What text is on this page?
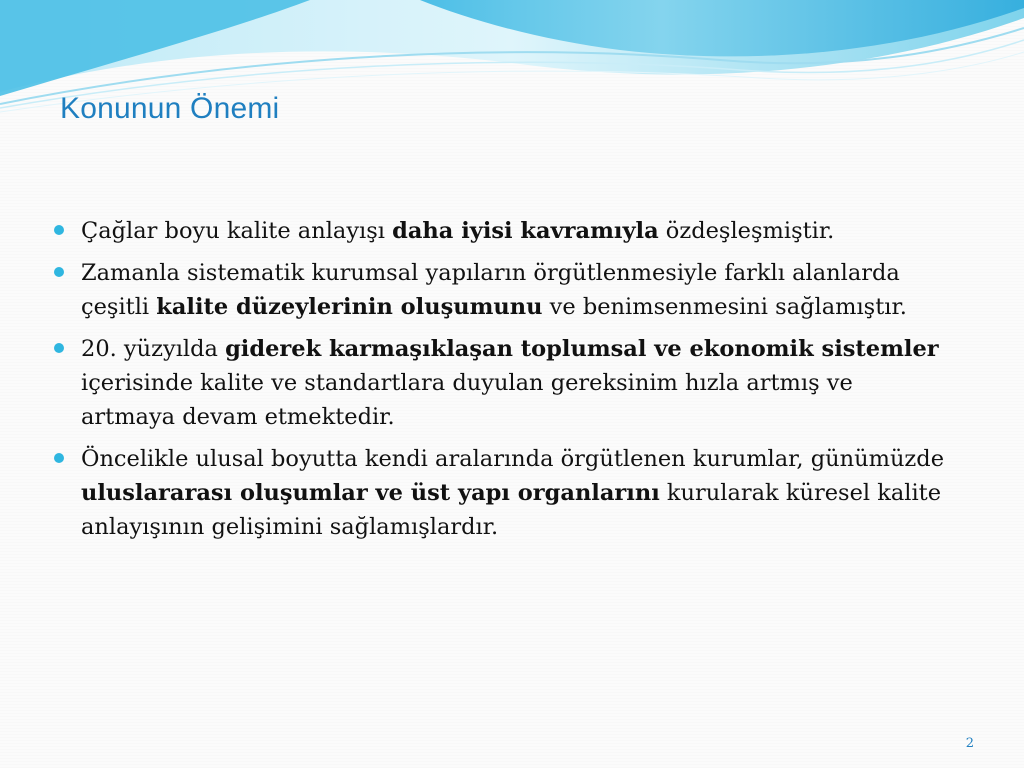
Konunun Önemi
Çağlar boyu kalite anlayışı daha iyisi kavramıyla özdeşleşmiştir.
Zamanla sistematik kurumsal yapıların örgütlenmesiyle farklı alanlarda çeşitli kalite düzeylerinin oluşumunu ve benimsenmesini sağlamıştır.
20. yüzyılda giderek karmaşıklaşan toplumsal ve ekonomik sistemler içerisinde kalite ve standartlara duyulan gereksinim hızla artmış ve artmaya devam etmektedir.
Öncelikle ulusal boyutta kendi aralarında örgütlenen kurumlar, günümüzde uluslararası oluşumlar ve üst yapı organlarını kurularak küresel kalite anlayışının gelişimini sağlamışlardır.
2
